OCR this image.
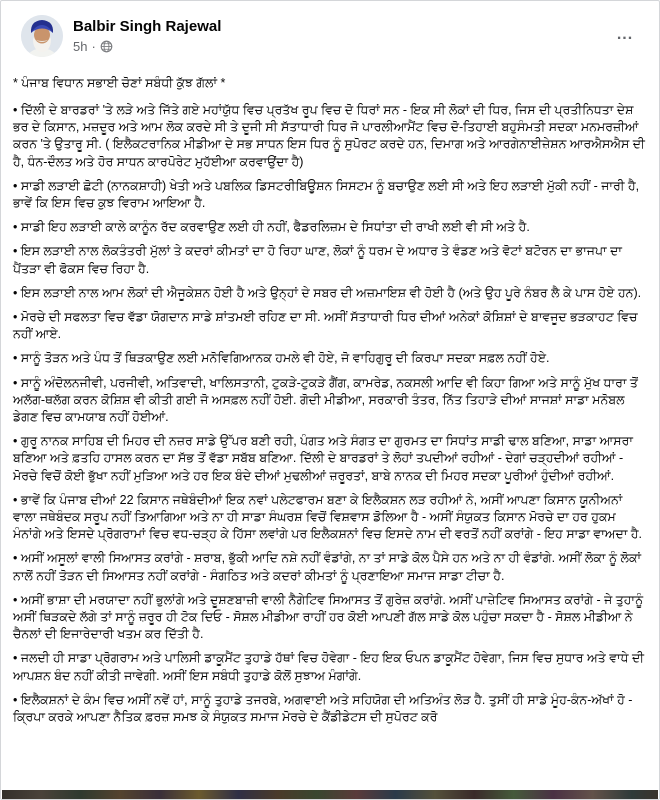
Balbir Singh Rajewal
5h ·
...
* ਪੰਜਾਬ ਵਿਧਾਨ ਸਭਾਈ ਚੋਣਾਂ ਸਬੰਧੀ ਕੁੱਝ ਗੱਲਾਂ *

• ਦਿੱਲੀ ਦੇ ਬਾਰਡਰਾਂ 'ਤੇ ਲੜੇ ਅਤੇ ਜਿੱਤੇ ਗਏ ਮਹਾਂਯੁੱਧ ਵਿਚ ਪ੍ਰਤੱਖ ਰੂਪ ਵਿਚ ਦੋ ਧਿਰਾਂ ਸਨ - ਇਕ ਸੀ ਲੋਕਾਂ ਦੀ ਧਿਰ, ਜਿਸ ਦੀ ਪ੍ਰਤੀਨਿਧਤਾ ਦੇਸ਼ ਭਰ ਦੇ ਕਿਸਾਨ, ਮਜ਼ਦੂਰ ਅਤੇ ਆਮ ਲੋਕ ਕਰਦੇ ਸੀ ਤੇ ਦੂਜੀ ਸੀ ਸੱਤਾਧਾਰੀ ਧਿਰ ਜੋ ਪਾਰਲੀਆਮੈਂਟ ਵਿਚ ਦੋ-ਤਿਹਾਈ ਬਹੁਸੰਮਤੀ ਸਦਕਾ ਮਨਮਰਜ਼ੀਆਂ ਕਰਨ 'ਤੇ ਉਤਾਰੂ ਸੀ. ( ਇਲੈਕਟਰਾਨਿਕ ਮੀਡੀਆ ਦੇ ਸਭ ਸਾਧਨ ਇਸ ਧਿਰ ਨੂੰ ਸੁਪੋਰਟ ਕਰਦੇ ਹਨ, ਦਿਮਾਗ ਅਤੇ ਆਰਗੇਨਾਈਜ਼ੇਸ਼ਨ ਆਰਐਸਐਸ ਦੀ ਹੈ, ਧੰਨ-ਦੌਲਤ ਅਤੇ ਹੋਰ ਸਾਧਨ ਕਾਰਪੋਰੇਟ ਮੁਹੱਈਆ ਕਰਵਾਉਂਦਾ ਹੈ)

• ਸਾਡੀ ਲੜਾਈ ਛੋਟੀ (ਨਾਨਕਸ਼ਾਹੀ) ਖੇਤੀ ਅਤੇ ਪਬਲਿਕ ਡਿਸਟਰੀਬਿਊਸ਼ਨ ਸਿਸਟਮ ਨੂੰ ਬਚਾਉਣ ਲਈ ਸੀ ਅਤੇ ਇਹ ਲੜਾਈ ਮੁੱਕੀ ਨਹੀਂ - ਜਾਰੀ ਹੈ, ਭਾਵੇਂ ਕਿ ਇਸ ਵਿਚ ਕੁਝ ਵਿਰਾਮ ਆਇਆ ਹੈ.

• ਸਾਡੀ ਇਹ ਲੜਾਈ ਕਾਲੇ ਕਾਨੂੰਨ ਰੱਦ ਕਰਵਾਉਣ ਲਈ ਹੀ ਨਹੀਂ, ਫੈਡਰਲਿਜ਼ਮ ਦੇ ਸਿਧਾਂਤਾ ਦੀ ਰਾਖੀ ਲਈ ਵੀ ਸੀ ਅਤੇ ਹੈ.

• ਇਸ ਲੜਾਈ ਨਾਲ ਲੋਕਤੰਤਰੀ ਮੁੱਲਾਂ ਤੇ ਕਦਰਾਂ ਕੀਮਤਾਂ ਦਾ ਹੋ ਰਿਹਾ ਘਾਣ, ਲੋਕਾਂ ਨੂੰ ਧਰਮ ਦੇ ਅਧਾਰ ਤੇ ਵੰਡਣ ਅਤੇ ਵੋਟਾਂ ਬਟੋਰਨ ਦਾ ਭਾਜਪਾ ਦਾ ਪੈਂਤੜਾ ਵੀ ਫੋਕਸ ਵਿਚ ਰਿਹਾ ਹੈ.

• ਇਸ ਲੜਾਈ ਨਾਲ ਆਮ ਲੋਕਾਂ ਦੀ ਐਜੂਕੇਸ਼ਨ ਹੋਈ ਹੈ ਅਤੇ ਉਨ੍ਹਾਂ ਦੇ ਸਬਰ ਦੀ ਅਜ਼ਮਾਇਸ਼ ਵੀ ਹੋਈ ਹੈ (ਅਤੇ ਉਹ ਪੂਰੇ ਨੰਬਰ ਲੈ ਕੇ ਪਾਸ ਹੋਏ ਹਨ).

• ਮੋਰਚੇ ਦੀ ਸਫਲਤਾ ਵਿਚ ਵੱਡਾ ਯੋਗਦਾਨ ਸਾਡੇ ਸ਼ਾਂਤਮਈ ਰਹਿਣ ਦਾ ਸੀ. ਅਸੀਂ ਸੱਤਾਧਾਰੀ ਧਿਰ ਦੀਆਂ ਅਨੇਕਾਂ ਕੋਸ਼ਿਸ਼ਾਂ ਦੇ ਬਾਵਜੂਦ ਭੜਕਾਹਟ ਵਿਚ ਨਹੀਂ ਆਏ.

• ਸਾਨੂੰ ਤੋੜਨ ਅਤੇ ਪੰਧ ਤੋਂ ਥਿੜਕਾਉਣ ਲਈ ਮਨੋਵਿਗਿਆਨਕ ਹਮਲੇ ਵੀ ਹੋਏ, ਜੋ ਵਾਹਿਗੁਰੂ ਦੀ ਕਿਰਪਾ ਸਦਕਾ ਸਫ਼ਲ ਨਹੀਂ ਹੋਏ.

• ਸਾਨੂੰ ਅੰਦੋਲਨਜੀਵੀ, ਪਰਜੀਵੀ, ਅਤਿਵਾਦੀ, ਖਾਲਿਸਤਾਨੀ, ਟੁਕੜੇ-ਟੁਕੜੇ ਗੈਂਗ, ਕਾਮਰੇਡ, ਨਕਸਲੀ ਆਦਿ ਵੀ ਕਿਹਾ ਗਿਆ ਅਤੇ ਸਾਨੂੰ ਮੁੱਖ ਧਾਰਾ ਤੋਂ ਅਲੱਗ-ਥਲੱਗ ਕਰਨ ਕੋਸ਼ਿਸ਼ ਵੀ ਕੀਤੀ ਗਈ ਜੋ ਅਸਫ਼ਲ ਨਹੀਂ ਹੋਈ. ਗੋਦੀ ਮੀਡੀਆ, ਸਰਕਾਰੀ ਤੰਤਰ, ਨਿੱਤ ਤਿਹਾੜੇ ਦੀਆਂ ਸਾਜਸ਼ਾਂ ਸਾਡਾ ਮਨੋਬਲ ਡੇਗਣ ਵਿਚ ਕਾਮਯਾਬ ਨਹੀਂ ਹੋਈਆਂ.

• ਗੁਰੂ ਨਾਨਕ ਸਾਹਿਬ ਦੀ ਮਿਹਰ ਦੀ ਨਜ਼ਰ ਸਾਡੇ ਉੱਪਰ ਬਣੀ ਰਹੀ, ਪੰਗਤ ਅਤੇ ਸੰਗਤ ਦਾ ਗੁਰਮਤ ਦਾ ਸਿਧਾਂਤ ਸਾਡੀ ਢਾਲ ਬਣਿਆ, ਸਾਡਾ ਆਸਰਾ ਬਣਿਆ ਅਤੇ ਫ਼ਤਹਿ ਹਾਸਲ ਕਰਨ ਦਾ ਸੱਭ ਤੋਂ ਵੱਡਾ ਸਬੱਬ ਬਣਿਆ. ਦਿੱਲੀ ਦੇ ਬਾਰਡਰਾਂ ਤੇ ਲੋਹਾਂ ਤਪਦੀਆਂ ਰਹੀਆਂ - ਦੇਗਾਂ ਚੜ੍ਹਦੀਆਂ ਰਹੀਆਂ - ਮੋਰਚੇ ਵਿਚੋਂ ਕੋਈ ਭੁੱਖਾ ਨਹੀਂ ਮੁੜਿਆ ਅਤੇ ਹਰ ਇਕ ਬੰਦੇ ਦੀਆਂ ਮੁਢਲੀਆਂ ਜ਼ਰੂਰਤਾਂ, ਬਾਬੇ ਨਾਨਕ ਦੀ ਮਿਹਰ ਸਦਕਾ ਪੂਰੀਆਂ ਹੁੰਦੀਆਂ ਰਹੀਆਂ.

• ਭਾਵੇਂ ਕਿ ਪੰਜਾਬ ਦੀਆਂ 22 ਕਿਸਾਨ ਜਥੇਬੰਦੀਆਂ ਇਕ ਨਵਾਂ ਪਲੇਟਫਾਰਮ ਬਣਾ ਕੇ ਇਲੈਕਸ਼ਨ ਲੜ ਰਹੀਆਂ ਨੇ, ਅਸੀਂ ਆਪਣਾ ਕਿਸਾਨ ਯੂਨੀਅਨਾਂ ਵਾਲਾ ਜਥੇਬੰਦਕ ਸਰੂਪ ਨਹੀਂ ਤਿਆਗਿਆ ਅਤੇ ਨਾ ਹੀ ਸਾਡਾ ਸੰਘਰਸ਼ ਵਿਚੋਂ ਵਿਸ਼ਵਾਸ ਡੋਲਿਆ ਹੈ - ਅਸੀਂ ਸੰਯੁਕਤ ਕਿਸਾਨ ਮੋਰਚੇ ਦਾ ਹਰ ਹੁਕਮ ਮੰਨਾਂਗੇ ਅਤੇ ਇਸਦੇ ਪ੍ਰੋਗਰਾਮਾਂ ਵਿਚ ਵਧ-ਚੜ੍ਹ ਕੇ ਹਿੱਸਾ ਲਵਾਂਗੇ ਪਰ ਇਲੈਕਸ਼ਨਾਂ ਵਿਚ ਇਸਦੇ ਨਾਮ ਦੀ ਵਰਤੋਂ ਨਹੀਂ ਕਰਾਂਗੇ - ਇਹ ਸਾਡਾ ਵਾਅਦਾ ਹੈ.

• ਅਸੀਂ ਅਸੂਲਾਂ ਵਾਲੀ ਸਿਆਸਤ ਕਰਾਂਗੇ - ਸ਼ਰਾਬ, ਭੁੱਕੀ ਆਦਿ ਨਸ਼ੇ ਨਹੀਂ ਵੰਡਾਂਗੇ, ਨਾ ਤਾਂ ਸਾਡੇ ਕੋਲ ਪੈਸੇ ਹਨ ਅਤੇ ਨਾ ਹੀ ਵੰਡਾਂਗੇ. ਅਸੀਂ ਲੋਕਾ ਨੂੰ ਲੋਕਾਂ ਨਾਲੋਂ ਨਹੀਂ ਤੋੜਨ ਦੀ ਸਿਆਸਤ ਨਹੀਂ ਕਰਾਂਗੇ - ਸੰਗਠਿਤ ਅਤੇ ਕਦਰਾਂ ਕੀਮਤਾਂ ਨੂੰ ਪ੍ਰਣਾਇਆ ਸਮਾਜ ਸਾਡਾ ਟੀਚਾ ਹੈ.

• ਅਸੀਂ ਭਾਸ਼ਾ ਦੀ ਮਰਯਾਦਾ ਨਹੀਂ ਭੁਲਾਂਗੇ ਅਤੇ ਦੂਸ਼ਣਬਾਜ਼ੀ ਵਾਲੀ ਨੈਗੇਟਿਵ ਸਿਆਸਤ ਤੋਂ ਗੁਰੇਜ਼ ਕਰਾਂਗੇ. ਅਸੀਂ ਪਾਜ਼ੇਟਿਵ ਸਿਆਸਤ ਕਰਾਂਗੇ - ਜੇ ਤੁਹਾਨੂੰ ਅਸੀਂ ਥਿੜਕਦੇ ਲੱਗੇ ਤਾਂ ਸਾਨੂੰ ਜ਼ਰੂਰ ਹੀ ਟੋਕ ਦਿਓ - ਸੋਸ਼ਲ ਮੀਡੀਆ ਰਾਹੀਂ ਹਰ ਕੋਈ ਆਪਣੀ ਗੱਲ ਸਾਡੇ ਕੋਲ ਪਹੁੰਚਾ ਸਕਦਾ ਹੈ - ਸੋਸ਼ਲ ਮੀਡੀਆ ਨੇ ਚੈਨਲਾਂ ਦੀ ਇਜਾਰੇਦਾਰੀ ਖਤਮ ਕਰ ਦਿੱਤੀ ਹੈ.

• ਜਲਦੀ ਹੀ ਸਾਡਾ ਪ੍ਰੋਗਰਾਮ ਅਤੇ ਪਾਲਿਸੀ ਡਾਕੂਮੈਂਟ ਤੁਹਾਡੇ ਹੱਥਾਂ ਵਿਚ ਹੋਵੇਗਾ - ਇਹ ਇਕ ਓਪਨ ਡਾਕੂਮੈਂਟ ਹੋਵੇਗਾ, ਜਿਸ ਵਿਚ ਸੁਧਾਰ ਅਤੇ ਵਾਧੇ ਦੀ ਆਪਸ਼ਨ ਬੰਦ ਨਹੀਂ ਕੀਤੀ ਜਾਵੇਗੀ. ਅਸੀਂ ਇਸ ਸਬੰਧੀ ਤੁਹਾਡੇ ਕੋਲੋਂ ਸੁਝਾਅ ਮੰਗਾਂਗੇ.

• ਇਲੈਕਸ਼ਨਾਂ ਦੇ ਕੰਮ ਵਿਚ ਅਸੀਂ ਨਵੇਂ ਹਾਂ, ਸਾਨੂੰ ਤੁਹਾਡੇ ਤਜਰਬੇ, ਅਗਵਾਈ ਅਤੇ ਸਹਿਯੋਗ ਦੀ ਅਤਿਅੰਤ ਲੋੜ ਹੈ. ਤੁਸੀਂ ਹੀ ਸਾਡੇ ਮੂੰਹ-ਕੰਨ-ਅੱਖਾਂ ਹੋ - ਕ੍ਰਿਪਾ ਕਰਕੇ ਆਪਣਾ ਨੈਤਿਕ ਫ਼ਰਜ਼ ਸਮਝ ਕੇ ਸੰਯੁਕਤ ਸਮਾਜ ਮੋਰਚੇ ਦੇ ਕੈਂਡੀਡੇਟਸ ਦੀ ਸੁਪੋਰਟ ਕਰੋ
